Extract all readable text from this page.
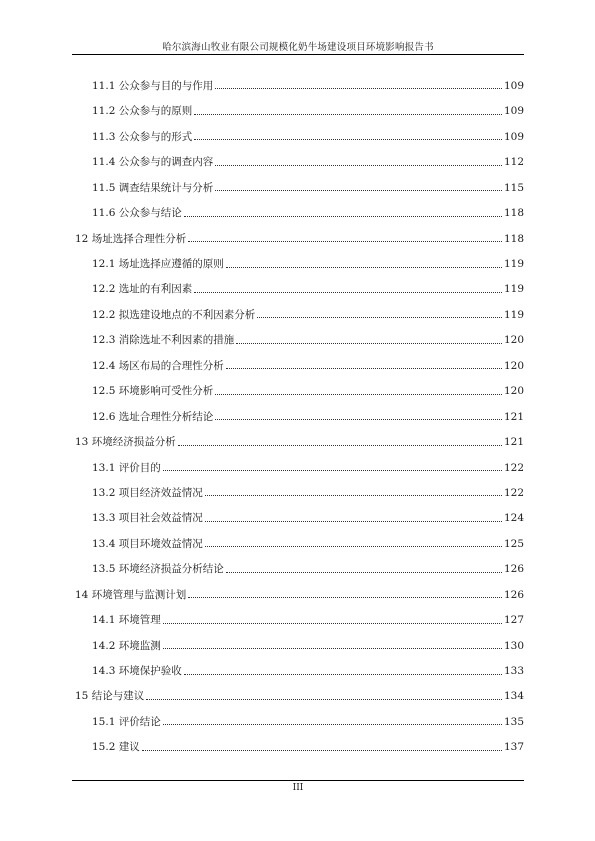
哈尔滨海山牧业有限公司规模化奶牛场建设项目环境影响报告书
11.1 公众参与目的与作用	109
11.2 公众参与的原则	109
11.3 公众参与的形式	109
11.4 公众参与的调查内容	112
11.5 调查结果统计与分析	115
11.6 公众参与结论	118
12 场址选择合理性分析	118
12.1 场址选择应遵循的原则	119
12.2 选址的有利因素	119
12.2 拟选建设地点的不利因素分析	119
12.3 消除选址不利因素的措施	120
12.4 场区布局的合理性分析	120
12.5 环境影响可受性分析	120
12.6 选址合理性分析结论	121
13 环境经济损益分析	121
13.1 评价目的	122
13.2 项目经济效益情况	122
13.3 项目社会效益情况	124
13.4 项目环境效益情况	125
13.5 环境经济损益分析结论	126
14 环境管理与监测计划	126
14.1 环境管理	127
14.2 环境监测	130
14.3 环境保护验收	133
15 结论与建议	134
15.1 评价结论	135
15.2 建议	137
III
